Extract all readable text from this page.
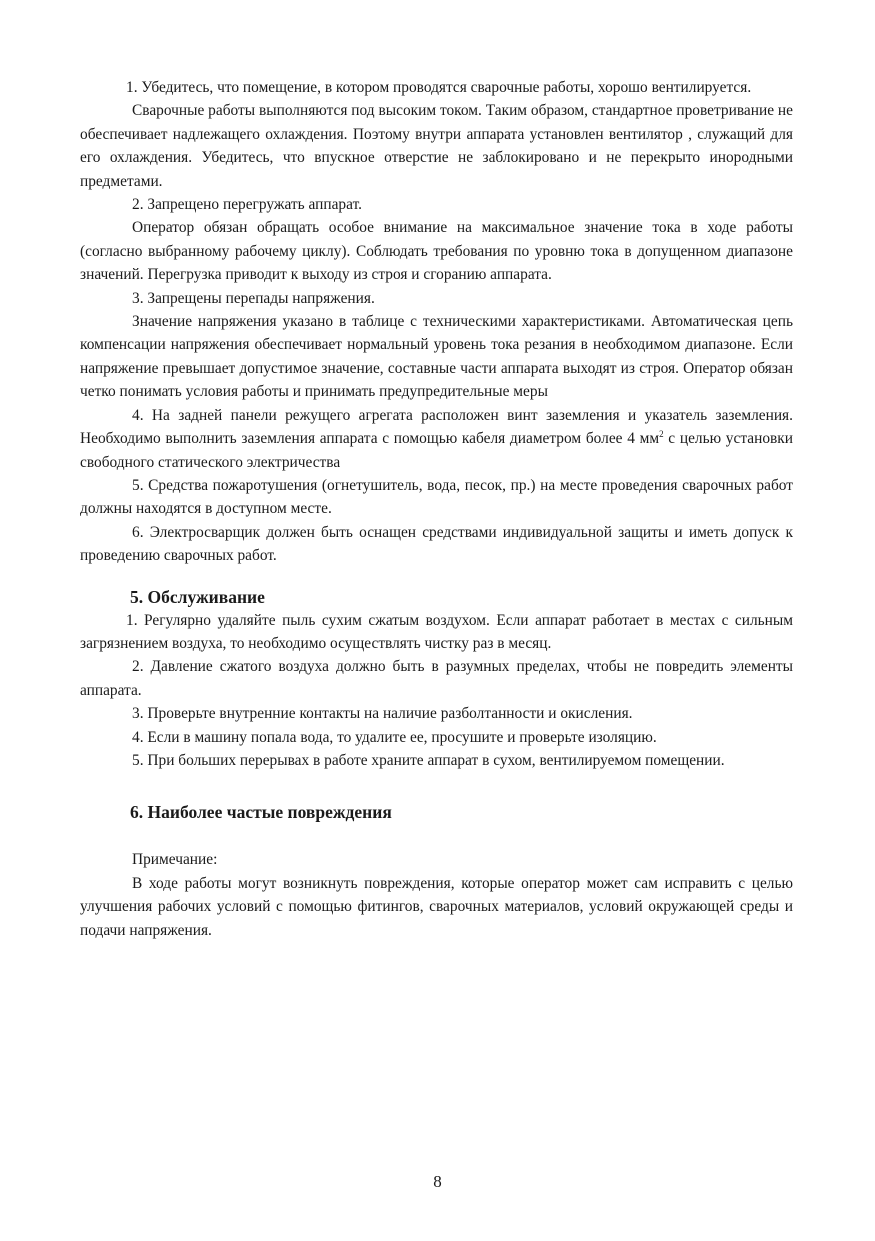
1. Убедитесь, что помещение, в котором проводятся сварочные работы, хорошо вентилируется.

Сварочные работы выполняются под высоким током. Таким образом, стандартное проветривание не обеспечивает надлежащего охлаждения. Поэтому внутри аппарата установлен вентилятор , служащий для его охлаждения. Убедитесь, что впускное отверстие не заблокировано и не перекрыто инородными предметами.

2. Запрещено перегружать аппарат.

Оператор обязан обращать особое внимание на максимальное значение тока в ходе работы (согласно выбранному рабочему циклу). Соблюдать требования по уровню тока в допущенном диапазоне значений. Перегрузка приводит к выходу из строя и сгоранию аппарата.

3. Запрещены перепады напряжения.

Значение напряжения указано в таблице с техническими характеристиками. Автоматическая цепь компенсации напряжения обеспечивает нормальный уровень тока резания в необходимом диапазоне. Если напряжение превышает допустимое значение, составные части аппарата выходят из строя. Оператор обязан четко понимать условия работы и принимать предупредительные меры

4. На задней панели режущего агрегата расположен винт заземления и указатель заземления. Необходимо выполнить заземления аппарата с помощью кабеля диаметром более 4 $мм^2$ с целью установки свободного статического электричества

5. Средства пожаротушения (огнетушитель, вода, песок, пр.) на месте проведения сварочных работ должны находятся в доступном месте.

6. Электросварщик должен быть оснащен средствами индивидуальной защиты и иметь допуск к проведению сварочных работ.

5. Обслуживание

1. Регулярно удаляйте пыль сухим сжатым воздухом. Если аппарат работает в местах с сильным загрязнением воздуха, то необходимо осуществлять чистку раз в месяц.

2. Давление сжатого воздуха должно быть в разумных пределах, чтобы не повредить элементы аппарата.

3. Проверьте внутренние контакты на наличие разболтанности и окисления.

4. Если в машину попала вода, то удалите ее, просушите и проверьте изоляцию.

5. При больших перерывах в работе храните аппарат в сухом, вентилируемом помещении.

6. Наиболее частые повреждения

Примечание:

В ходе работы могут возникнуть повреждения, которые оператор может сам исправить с целью улучшения рабочих условий с помощью фитингов, сварочных материалов, условий окружающей среды и подачи напряжения.

8
